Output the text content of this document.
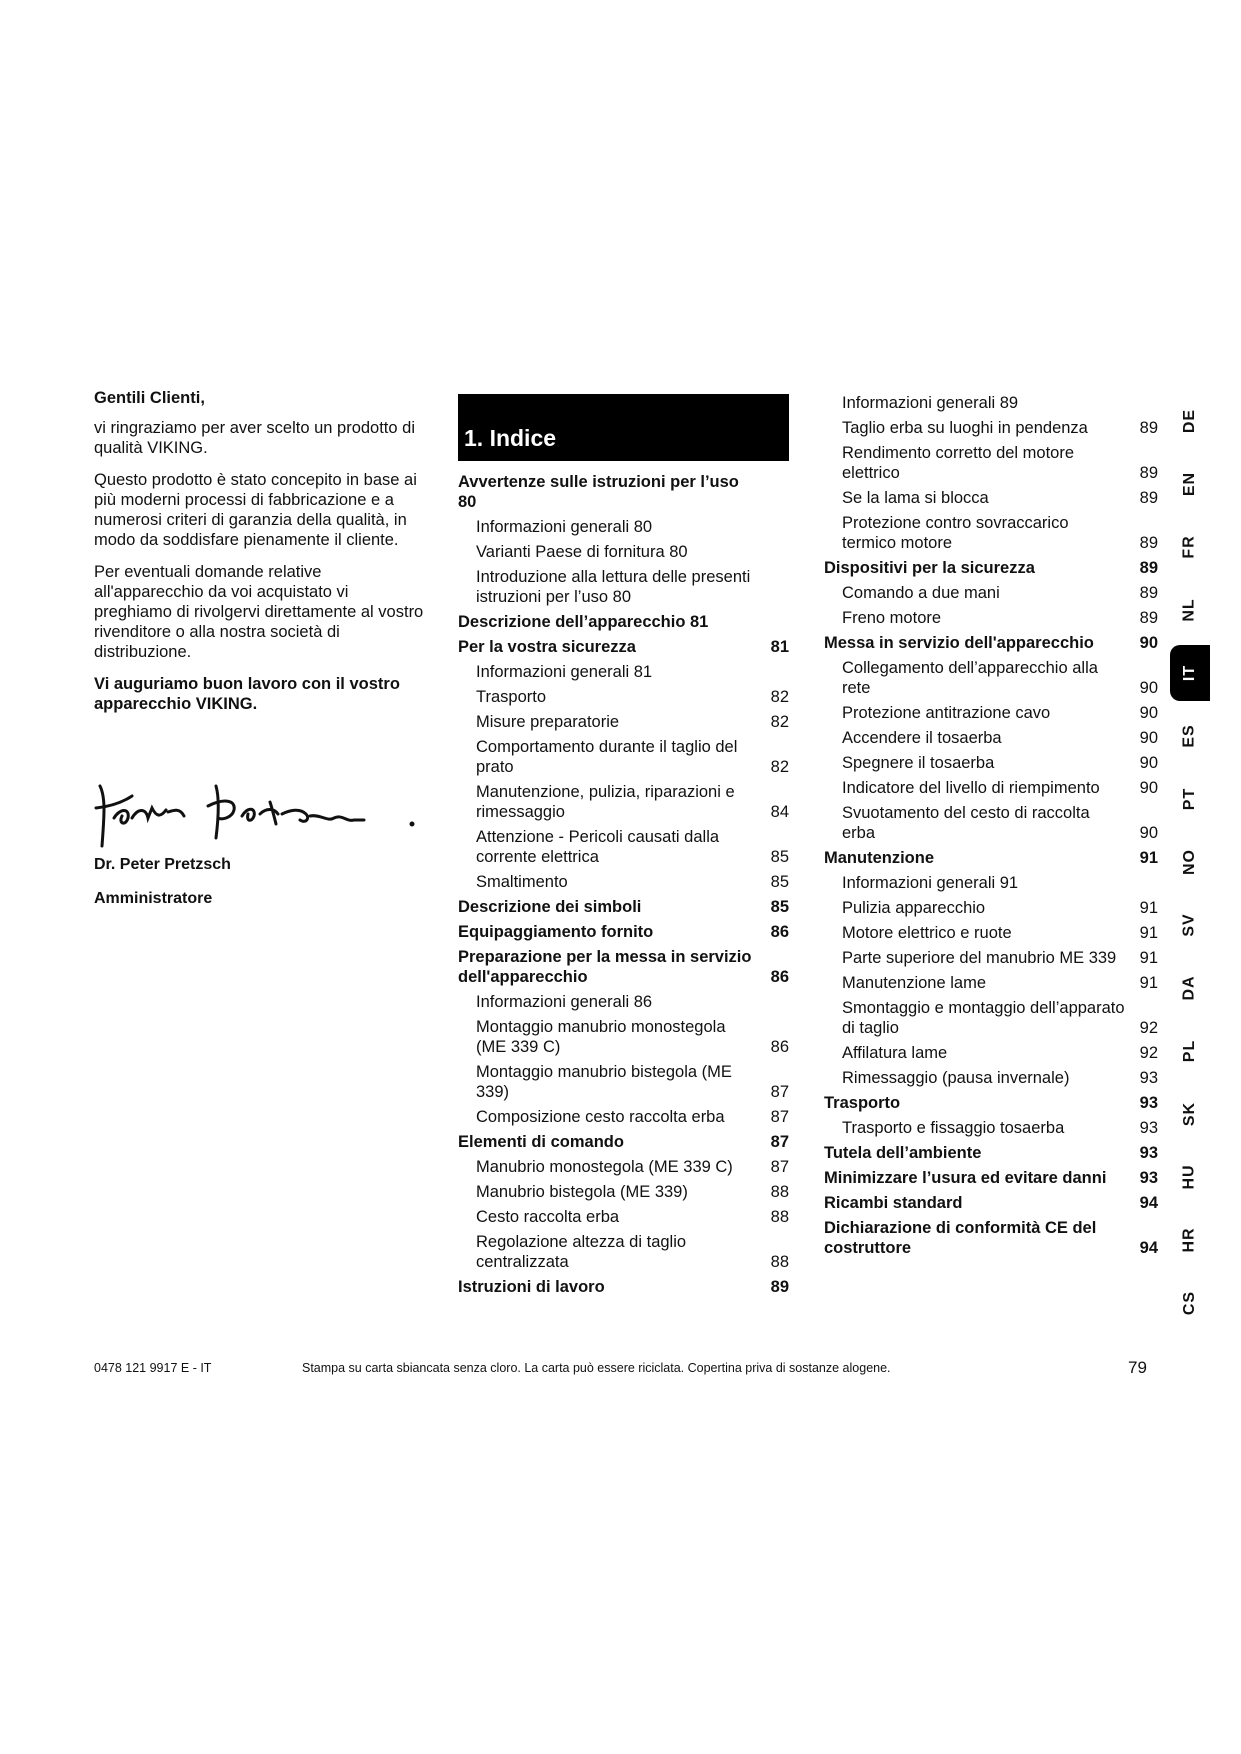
Gentili Clienti,

vi ringraziamo per aver scelto un prodotto di qualità VIKING.

Questo prodotto è stato concepito in base ai più moderni processi di fabbricazione e a numerosi criteri di garanzia della qualità, in modo da soddisfare pienamente il cliente.

Per eventuali domande relative all'apparecchio da voi acquistato vi preghiamo di rivolgervi direttamente al vostro rivenditore o alla nostra società di distribuzione.

Vi auguriamo buon lavoro con il vostro apparecchio VIKING.

Dr. Peter Pretzsch
Amministratore
1. Indice
Avvertenze sulle istruzioni per l’uso 80
Informazioni generali 80
Varianti Paese di fornitura 80
Introduzione alla lettura delle presenti istruzioni per l’uso 80
Descrizione dell’apparecchio 81
Per la vostra sicurezza	81
Informazioni generali 81
Trasporto	82
Misure preparatorie	82
Comportamento durante il taglio del prato	82
Manutenzione, pulizia, riparazioni e rimessaggio	84
Attenzione - Pericoli causati dalla corrente elettrica	85
Smaltimento	85
Descrizione dei simboli	85
Equipaggiamento fornito	86
Preparazione per la messa in servizio dell'apparecchio	86
Informazioni generali 86
Montaggio manubrio monostegola (ME 339 C)	86
Montaggio manubrio bistegola (ME 339)	87
Composizione cesto raccolta erba	87
Elementi di comando	87
Manubrio monostegola (ME 339 C)	87
Manubrio bistegola (ME 339)	88
Cesto raccolta erba	88
Regolazione altezza di taglio centralizzata	88
Istruzioni di lavoro	89
Informazioni generali 89
Taglio erba su luoghi in pendenza	89
Rendimento corretto del motore elettrico	89
Se la lama si blocca	89
Protezione contro sovraccarico termico motore	89
Dispositivi per la sicurezza	89
Comando a due mani	89
Freno motore	89
Messa in servizio dell'apparecchio	90
Collegamento dell’apparecchio alla rete	90
Protezione antitrazione cavo	90
Accendere il tosaerba	90
Spegnere il tosaerba	90
Indicatore del livello di riempimento	90
Svuotamento del cesto di raccolta erba	90
Manutenzione	91
Informazioni generali 91
Pulizia apparecchio	91
Motore elettrico e ruote	91
Parte superiore del manubrio ME 339	91
Manutenzione lame	91
Smontaggio e montaggio dell’apparato di taglio	92
Affilatura lame	92
Rimessaggio (pausa invernale)	93
Trasporto	93
Trasporto e fissaggio tosaerba	93
Tutela dell’ambiente	93
Minimizzare l’usura ed evitare danni	93
Ricambi standard	94
Dichiarazione di conformità CE del costruttore	94
DE
EN
FR
NL
IT
ES
PT
NO
SV
DA
PL
SK
HU
HR
CS
0478 121 9917 E - IT	Stampa su carta sbiancata senza cloro. La carta può essere riciclata. Copertina priva di sostanze alogene.	79
